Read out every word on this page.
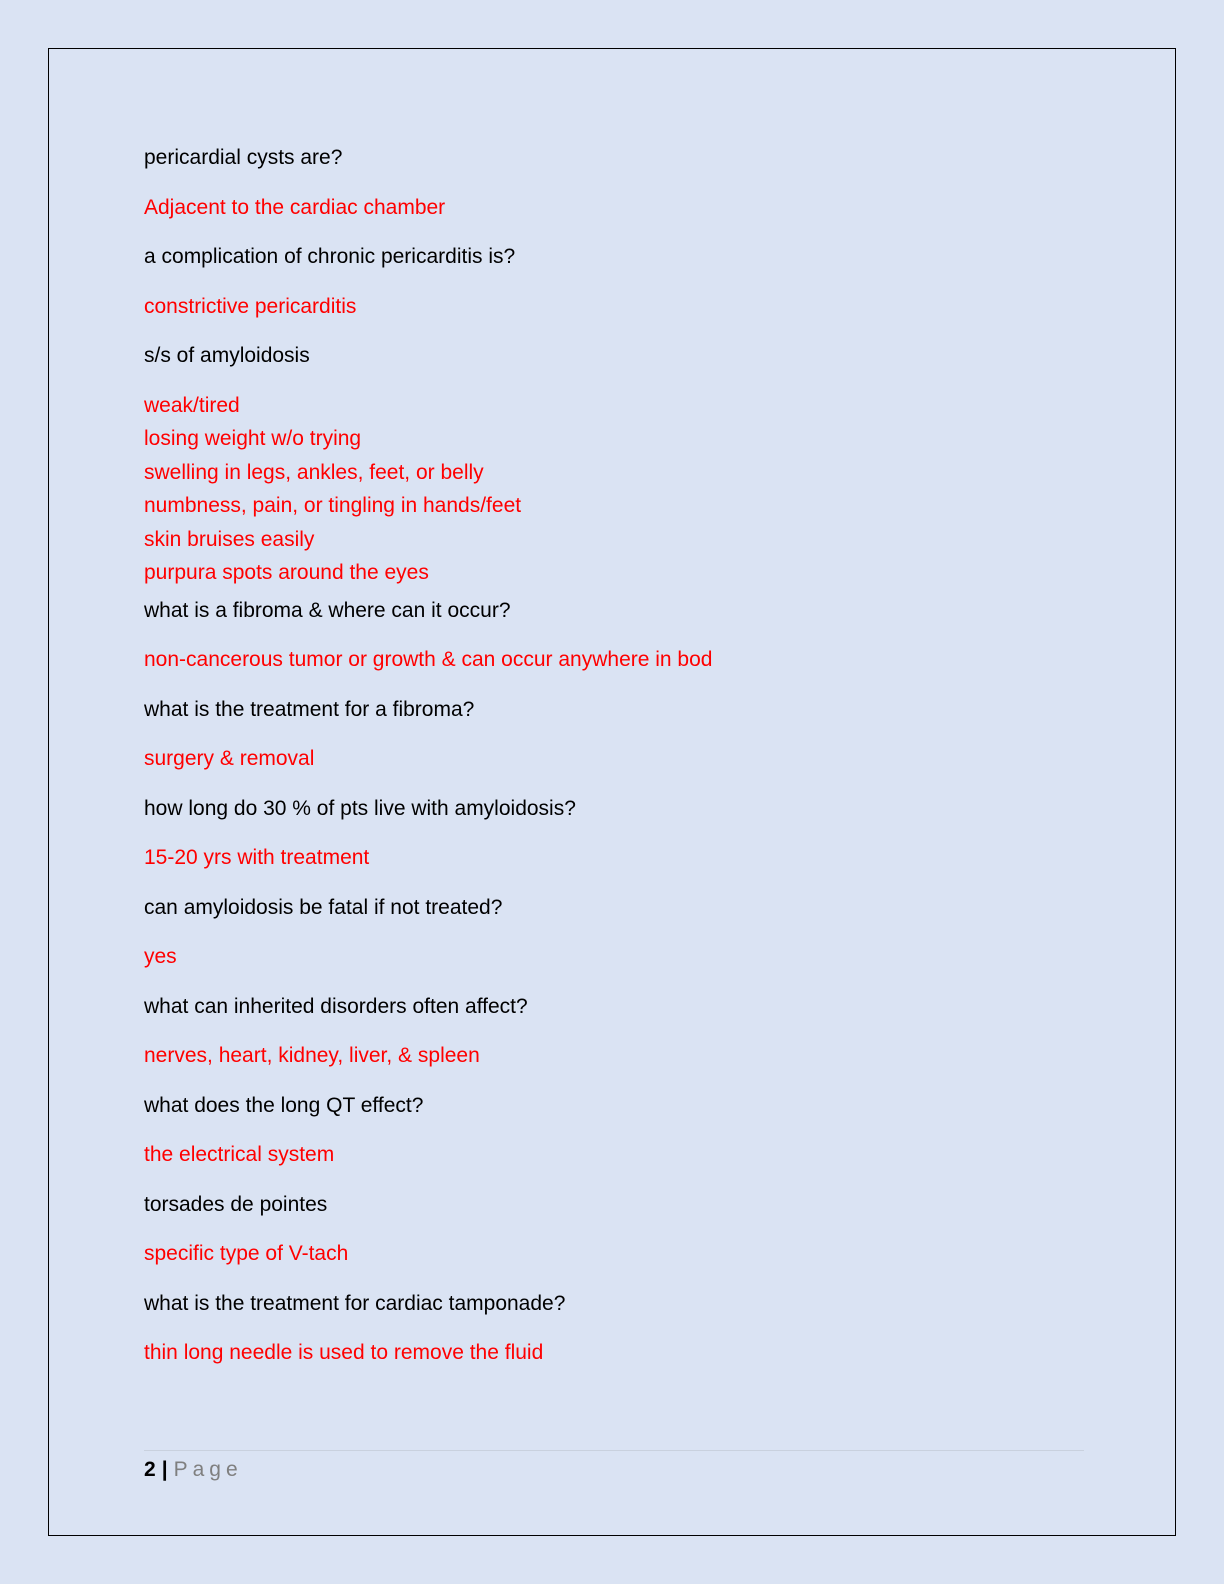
pericardial cysts are?

Adjacent to the cardiac chamber

a complication of chronic pericarditis is?

constrictive pericarditis

s/s of amyloidosis

weak/tired
losing weight w/o trying
swelling in legs, ankles, feet, or belly
numbness, pain, or tingling in hands/feet
skin bruises easily
purpura spots around the eyes

what is a fibroma & where can it occur?

non-cancerous tumor or growth & can occur anywhere in bod

what is the treatment for a fibroma?

surgery & removal

how long do 30 % of pts live with amyloidosis?

15-20 yrs with treatment

can amyloidosis be fatal if not treated?

yes

what can inherited disorders often affect?

nerves, heart, kidney, liver, & spleen

what does the long QT effect?

the electrical system

torsades de pointes

specific type of V-tach

what is the treatment for cardiac tamponade?

thin long needle is used to remove the fluid

2 | Page
